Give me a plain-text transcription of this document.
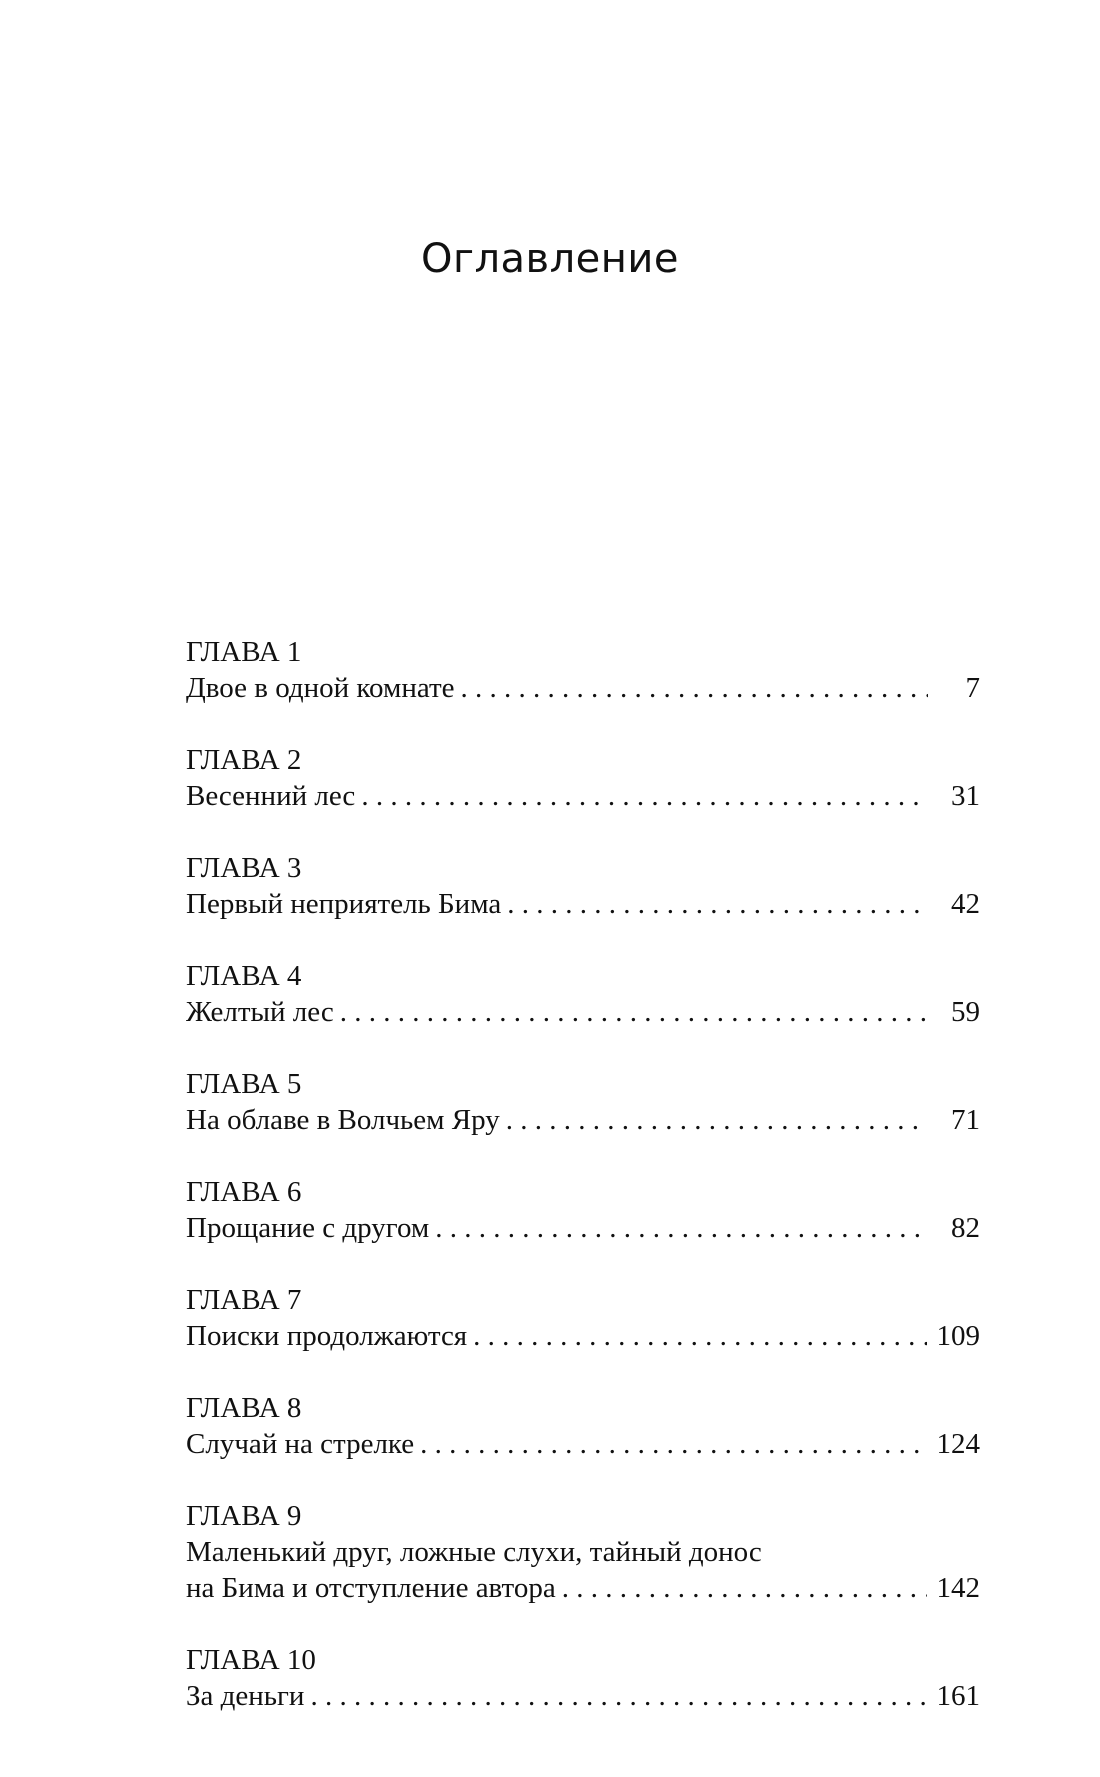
Оглавление
ГЛАВА 1
Двое в одной комнате . . .	7
ГЛАВА 2
Весенний лес . . .	31
ГЛАВА 3
Первый неприятель Бима . . .	42
ГЛАВА 4
Желтый лес . . .	59
ГЛАВА 5
На облаве в Волчьем Яру . . .	71
ГЛАВА 6
Прощание с другом . . .	82
ГЛАВА 7
Поиски продолжаются . . .	109
ГЛАВА 8
Случай на стрелке . . .	124
ГЛАВА 9
Маленький друг, ложные слухи, тайный донос
на Бима и отступление автора . . .	142
ГЛАВА 10
За деньги . . .	161
